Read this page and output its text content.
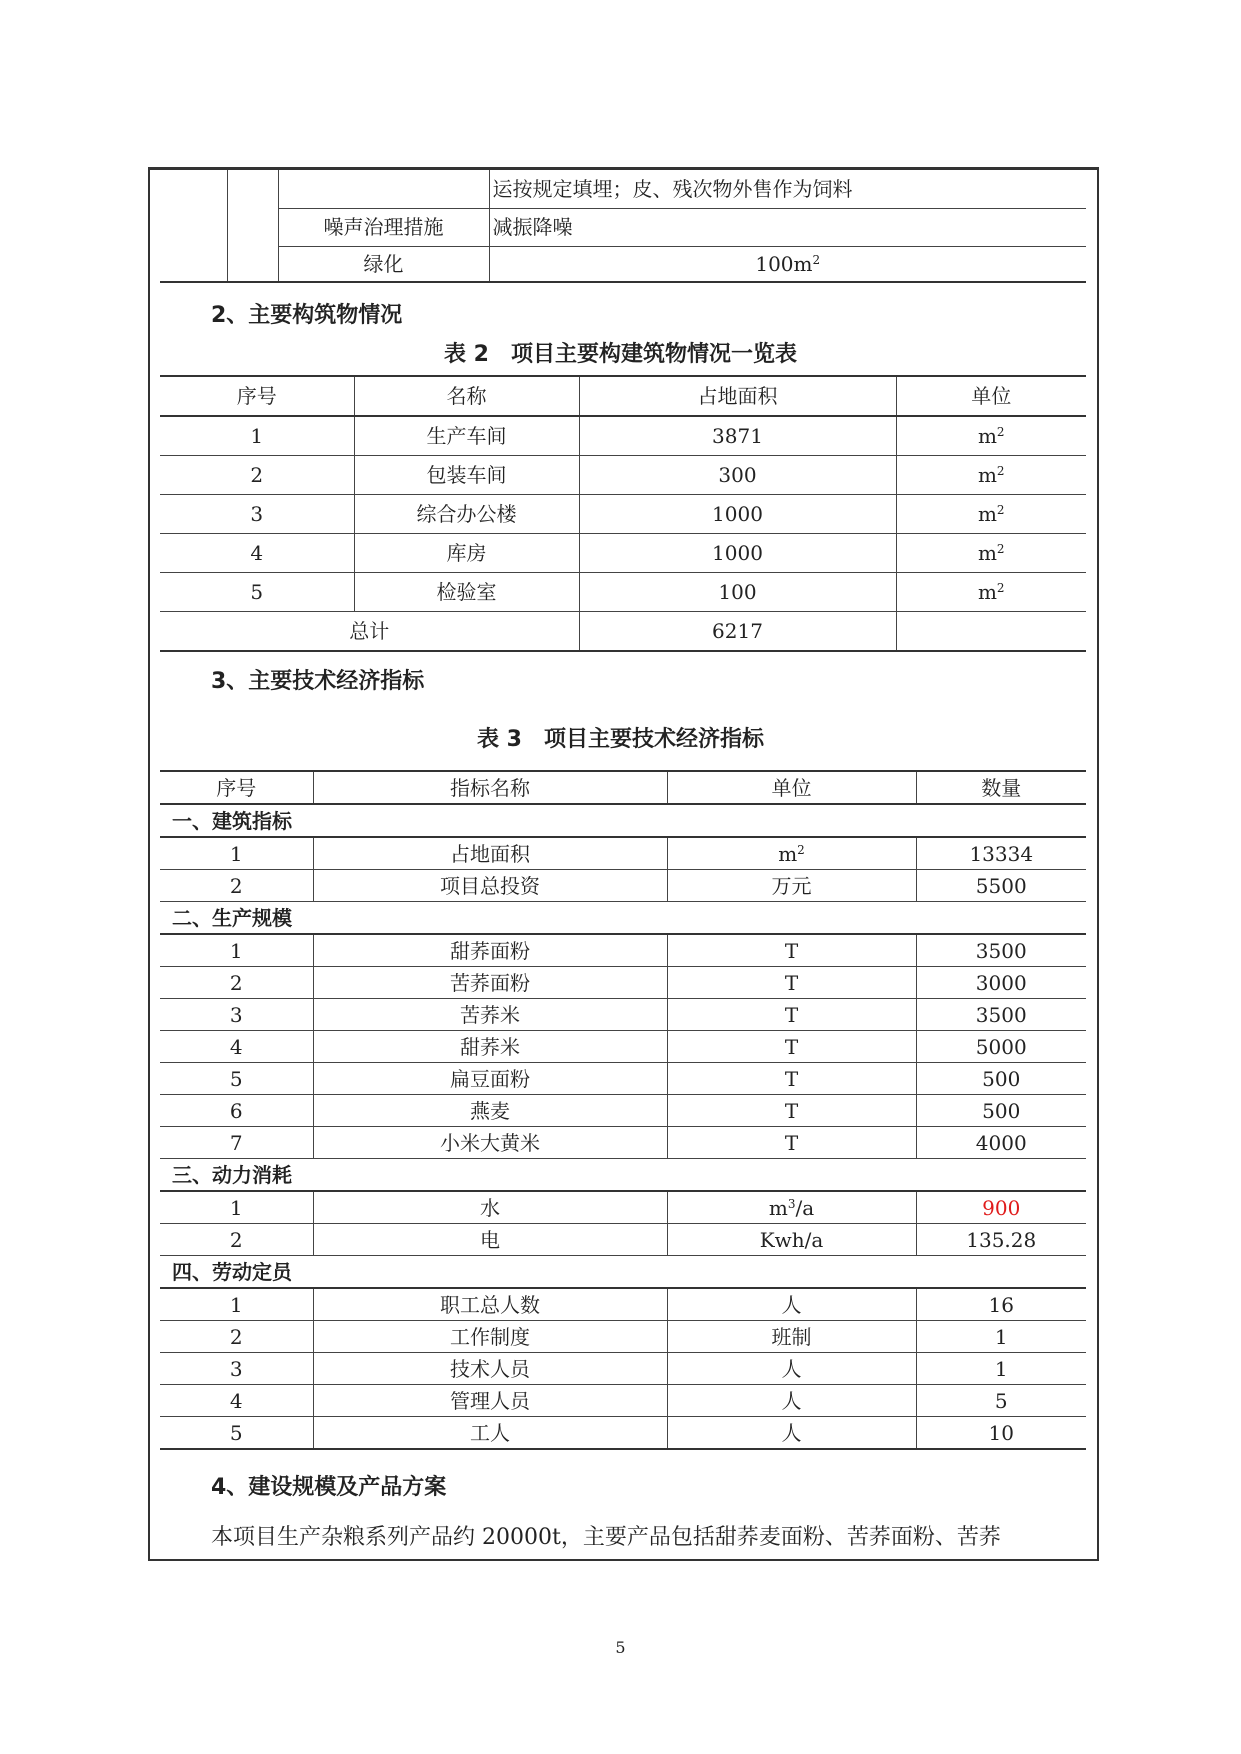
			运按规定填埋；皮、残次物外售作为饲料
		噪声治理措施	减振降噪
		绿化	$100m^2$
2、主要构筑物情况
表 2　项目主要构建筑物情况一览表
序号	名称	占地面积	单位
1	生产车间	3871	$m^2$
2	包装车间	300	$m^2$
3	综合办公楼	1000	$m^2$
4	库房	1000	$m^2$
5	检验室	100	$m^2$
总计		6217	
3、主要技术经济指标
表 3　项目主要技术经济指标
序号	指标名称	单位	数量
一、建筑指标			
1	占地面积	$m^2$	13334
2	项目总投资	万元	5500
二、生产规模			
1	甜荞面粉	T	3500
2	苦荞面粉	T	3000
3	苦荞米	T	3500
4	甜荞米	T	5000
5	扁豆面粉	T	500
6	燕麦	T	500
7	小米大黄米	T	4000
三、动力消耗			
1	水	$m^3/a$	900
2	电	Kwh/a	135.28
四、劳动定员			
1	职工总人数	人	16
2	工作制度	班制	1
3	技术人员	人	1
4	管理人员	人	5
5	工人	人	10
4、建设规模及产品方案
本项目生产杂粮系列产品约 20000t，主要产品包括甜荞麦面粉、苦荞面粉、苦荞
5
